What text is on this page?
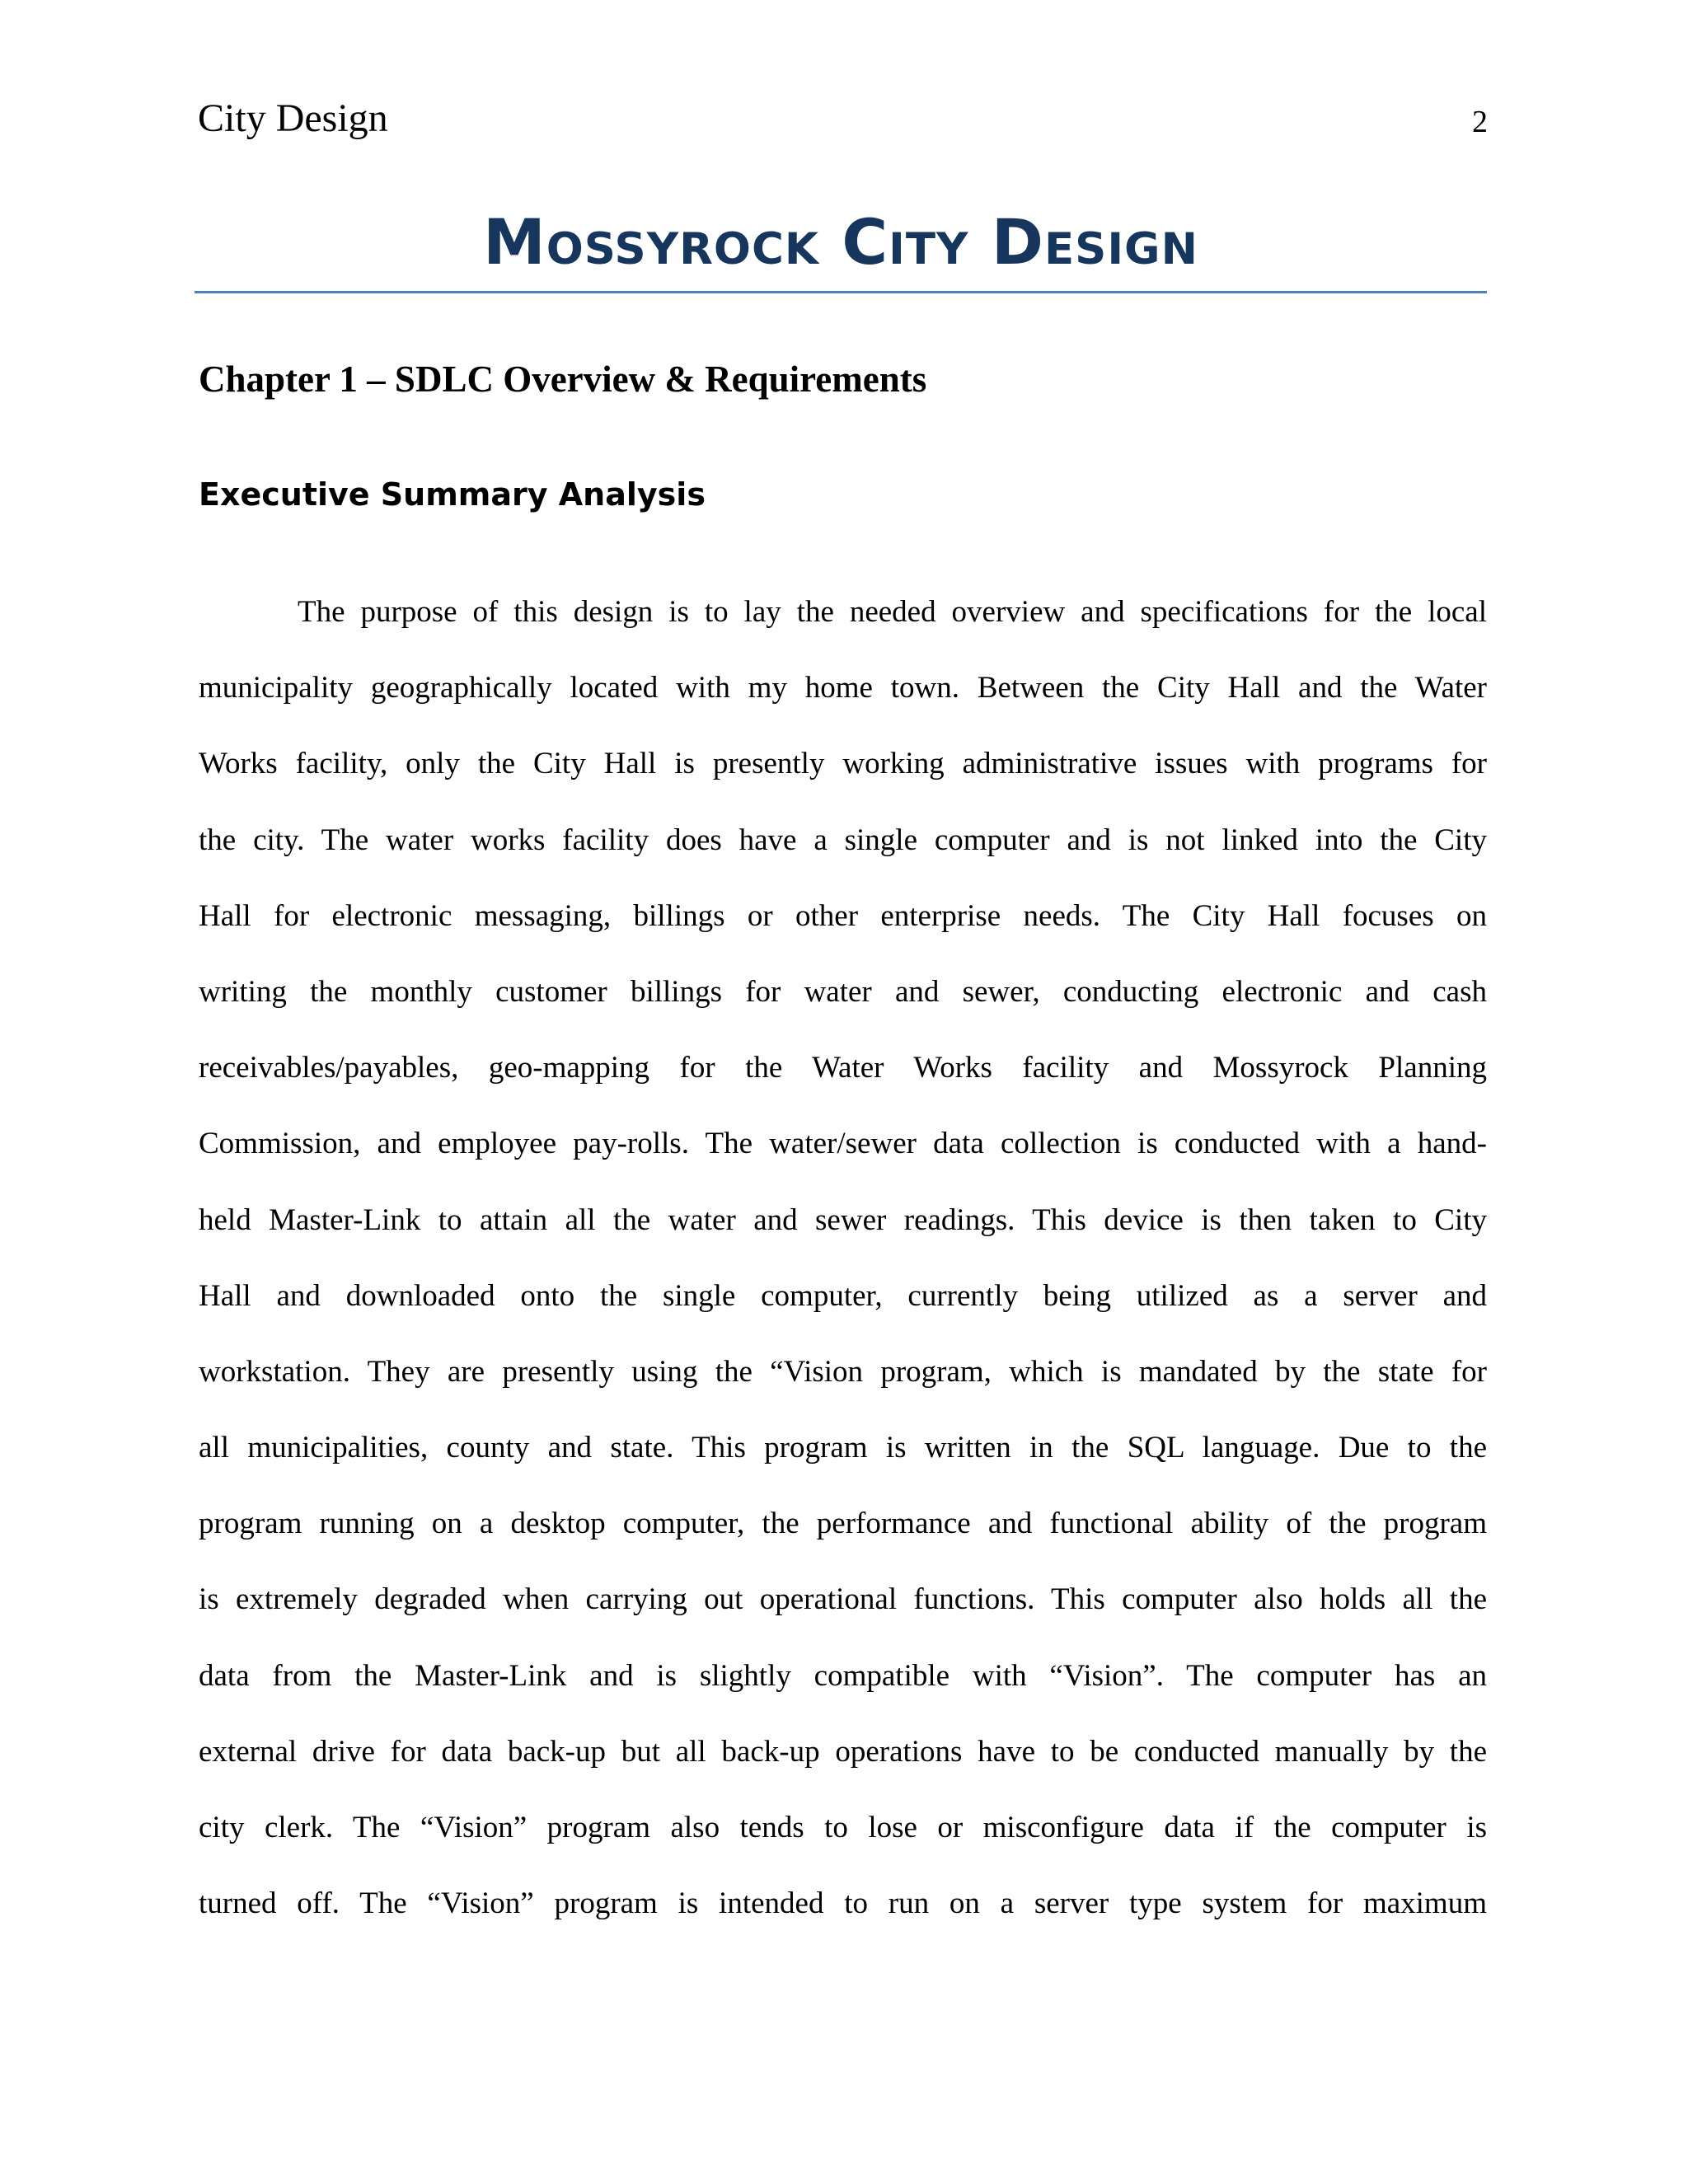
City Design	2
Mossyrock City Design
Chapter 1 – SDLC Overview & Requirements
Executive Summary Analysis
The purpose of this design is to lay the needed overview and specifications for the local
municipality geographically located with my home town. Between the City Hall and the Water
Works facility, only the City Hall is presently working administrative issues with programs for
the city. The water works facility does have a single computer and is not linked into the City
Hall for electronic messaging, billings or other enterprise needs. The City Hall focuses on
writing the monthly customer billings for water and sewer, conducting electronic and cash
receivables/payables, geo-mapping for the Water Works facility and Mossyrock Planning
Commission, and employee pay-rolls. The water/sewer data collection is conducted with a hand-
held Master-Link to attain all the water and sewer readings. This device is then taken to City
Hall and downloaded onto the single computer, currently being utilized as a server and
workstation. They are presently using the “Vision program, which is mandated by the state for
all municipalities, county and state. This program is written in the SQL language. Due to the
program running on a desktop computer, the performance and functional ability of the program
is extremely degraded when carrying out operational functions. This computer also holds all the
data from the Master-Link and is slightly compatible with “Vision”. The computer has an
external drive for data back-up but all back-up operations have to be conducted manually by the
city clerk. The “Vision” program also tends to lose or misconfigure data if the computer is
turned off. The “Vision” program is intended to run on a server type system for maximum
